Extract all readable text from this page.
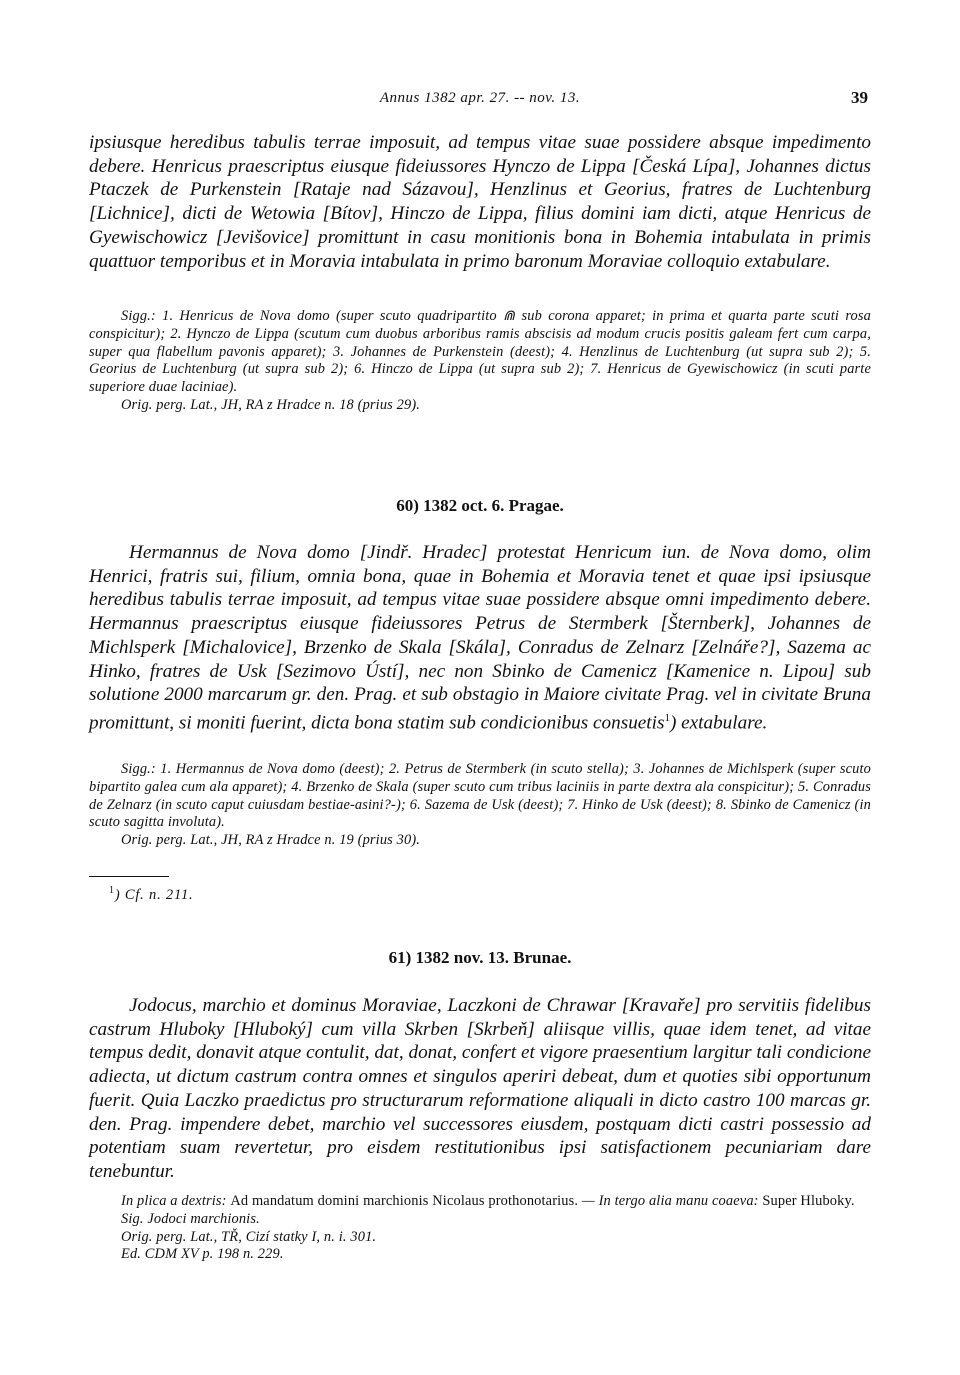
Annus 1382 apr. 27. -- nov. 13.	39

ipsiusque heredibus tabulis terrae imposuit, ad tempus vitae suae possidere absque impedimento debere. Henricus praescriptus eiusque fideiussores Hynczo de Lippa [Česká Lípa], Johannes dictus Ptaczek de Purkenstein [Rataje nad Sázavou], Henzlinus et Georius, fratres de Luchtenburg [Lichnice], dicti de Wetowia [Bítov], Hinczo de Lippa, filius domini iam dicti, atque Henricus de Gyewischowicz [Jevišovice] promittunt in casu monitionis bona in Bohemia intabulata in primis quattuor temporibus et in Moravia intabulata in primo baronum Moraviae colloquio extabulare.

Sigg.: 1. Henricus de Nova domo (super scuto quadripartito ⋒ sub corona apparet; in prima et quarta parte scuti rosa conspicitur); 2. Hynczo de Lippa (scutum cum duobus arboribus ramis abscisis ad modum crucis positis galeam fert cum carpa, super qua flabellum pavonis apparet); 3. Johannes de Purkenstein (deest); 4. Henzlinus de Luchtenburg (ut supra sub 2); 5. Georius de Luchtenburg (ut supra sub 2); 6. Hinczo de Lippa (ut supra sub 2); 7. Henricus de Gyewischowicz (in scuti parte superiore duae laciniae).

Orig. perg. Lat., JH, RA z Hradce n. 18 (prius 29).

60) 1382 oct. 6. Pragae.

Hermannus de Nova domo [Jindř. Hradec] protestat Henricum iun. de Nova domo, olim Henrici, fratris sui, filium, omnia bona, quae in Bohemia et Moravia tenet et quae ipsi ipsiusque heredibus tabulis terrae imposuit, ad tempus vitae suae possidere absque omni impedimento debere. Hermannus praescriptus eiusque fideiussores Petrus de Stermberk [Šternberk], Johannes de Michlsperk [Michalovice], Brzenko de Skala [Skála], Conradus de Zelnarz [Zelnáře?], Sazema ac Hinko, fratres de Usk [Sezimovo Ústí], nec non Sbinko de Camenicz [Kamenice n. Lipou] sub solutione 2000 marcarum gr. den. Prag. et sub obstagio in Maiore civitate Prag. vel in civitate Bruna promittunt, si moniti fuerint, dicta bona statim sub condicionibus consuetis$^1$) extabulare.

Sigg.: 1. Hermannus de Nova domo (deest); 2. Petrus de Stermberk (in scuto stella); 3. Johannes de Michlsperk (super scuto bipartito galea cum ala apparet); 4. Brzenko de Skala (super scuto cum tribus laciniis in parte dextra ala conspicitur); 5. Conradus de Zelnarz (in scuto caput cuiusdam bestiae-asini?-); 6. Sazema de Usk (deest); 7. Hinko de Usk (deest); 8. Sbinko de Camenicz (in scuto sagitta involuta).

Orig. perg. Lat., JH, RA z Hradce n. 19 (prius 30).

$^1$) Cf. n. 211.
61) 1382 nov. 13. Brunae.

Jodocus, marchio et dominus Moraviae, Laczkoni de Chrawar [Kravaře] pro servitiis fidelibus castrum Hluboky [Hluboký] cum villa Skrben [Skrbeň] aliisque villis, quae idem tenet, ad vitae tempus dedit, donavit atque contulit, dat, donat, confert et vigore praesentium largitur tali condicione adiecta, ut dictum castrum contra omnes et singulos aperiri debeat, dum et quoties sibi opportunum fuerit. Quia Laczko praedictus pro structurarum reformatione aliquali in dicto castro 100 marcas gr. den. Prag. impendere debet, marchio vel successores eiusdem, postquam dicti castri possessio ad potentiam suam revertetur, pro eisdem restitutionibus ipsi satisfactionem pecuniariam dare tenebuntur.

In plica a dextris: Ad mandatum domini marchionis Nicolaus prothonotarius. — In tergo alia manu coaeva: Super Hluboky.

Sig. Jodoci marchionis.

Orig. perg. Lat., TŘ, Cizí statky I, n. i. 301.

Ed. CDM XV p. 198 n. 229.
